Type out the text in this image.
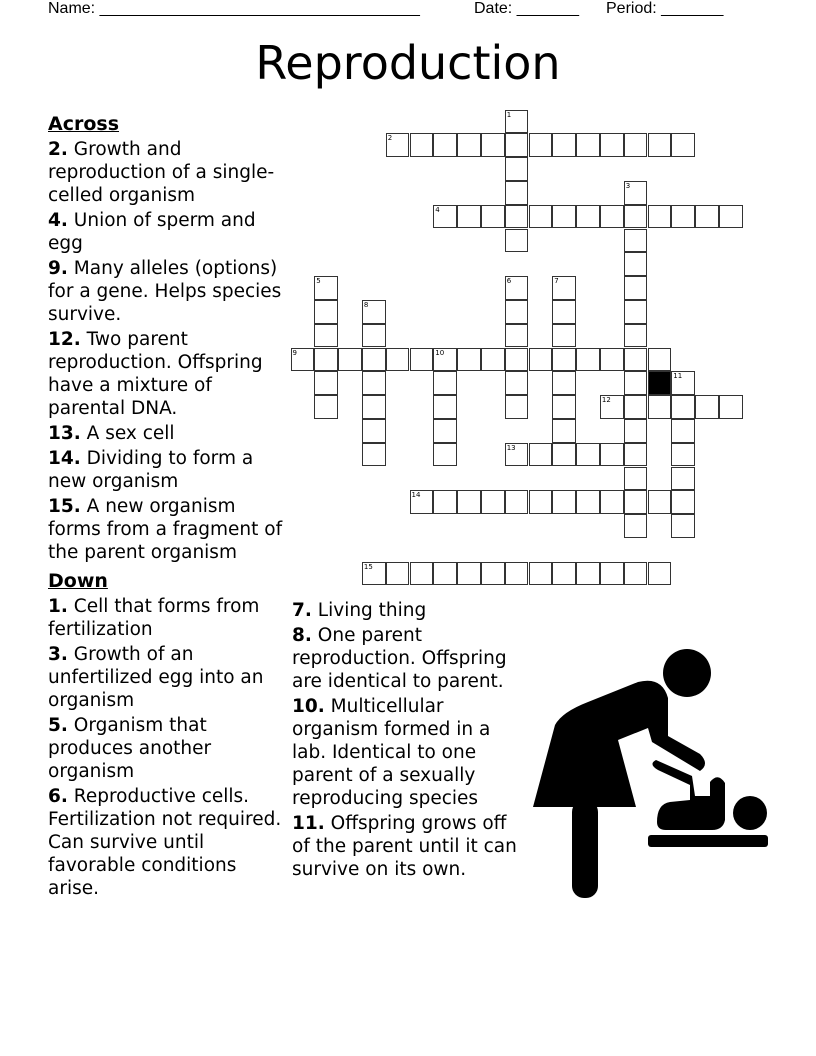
Name: ____________________________________	Date: _______ Period: _______
Reproduction
1
2
3
4
5	6	7
8
9	10
11
12
13
14
15
Across
2. Growth and reproduction of a single-celled organism
4. Union of sperm and egg
9. Many alleles (options) for a gene. Helps species survive.
12. Two parent reproduction. Offspring have a mixture of parental DNA.
13. A sex cell
14. Dividing to form a new organism
15. A new organism forms from a fragment of the parent organism
Down
1. Cell that forms from fertilization
3. Growth of an unfertilized egg into an organism
5. Organism that produces another organism
6. Reproductive cells. Fertilization not required. Can survive until favorable conditions arise.
7. Living thing
8. One parent reproduction. Offspring are identical to parent.
10. Multicellular organism formed in a lab. Identical to one parent of a sexually reproducing species
11. Offspring grows off of the parent until it can survive on its own.
